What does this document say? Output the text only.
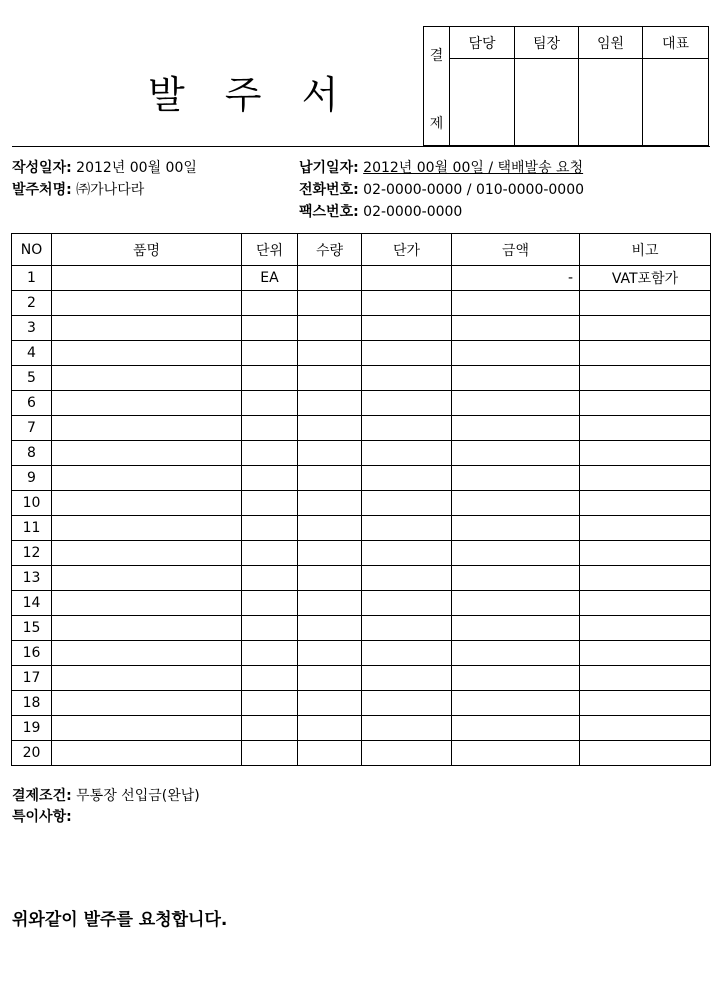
발 주 서
결
제	담당	팀장	임원	대표

작성일자: 2012년 00월 00일
발주처명: ㈜가나다라
납기일자: 2012년 00월 00일 / 택배발송 요청
전화번호: 02-0000-0000 / 010-0000-0000
팩스번호: 02-0000-0000
NO	품명	단위	수량	단가	금액	비고
1		EA			-	VAT포함가
2						
3						
4						
5						
6						
7						
8						
9						
10						
11						
12						
13						
14						
15						
16						
17						
18						
19						
20						
결제조건: 무통장 선입금(완납)
특이사항:
위와같이 발주를 요청합니다.
